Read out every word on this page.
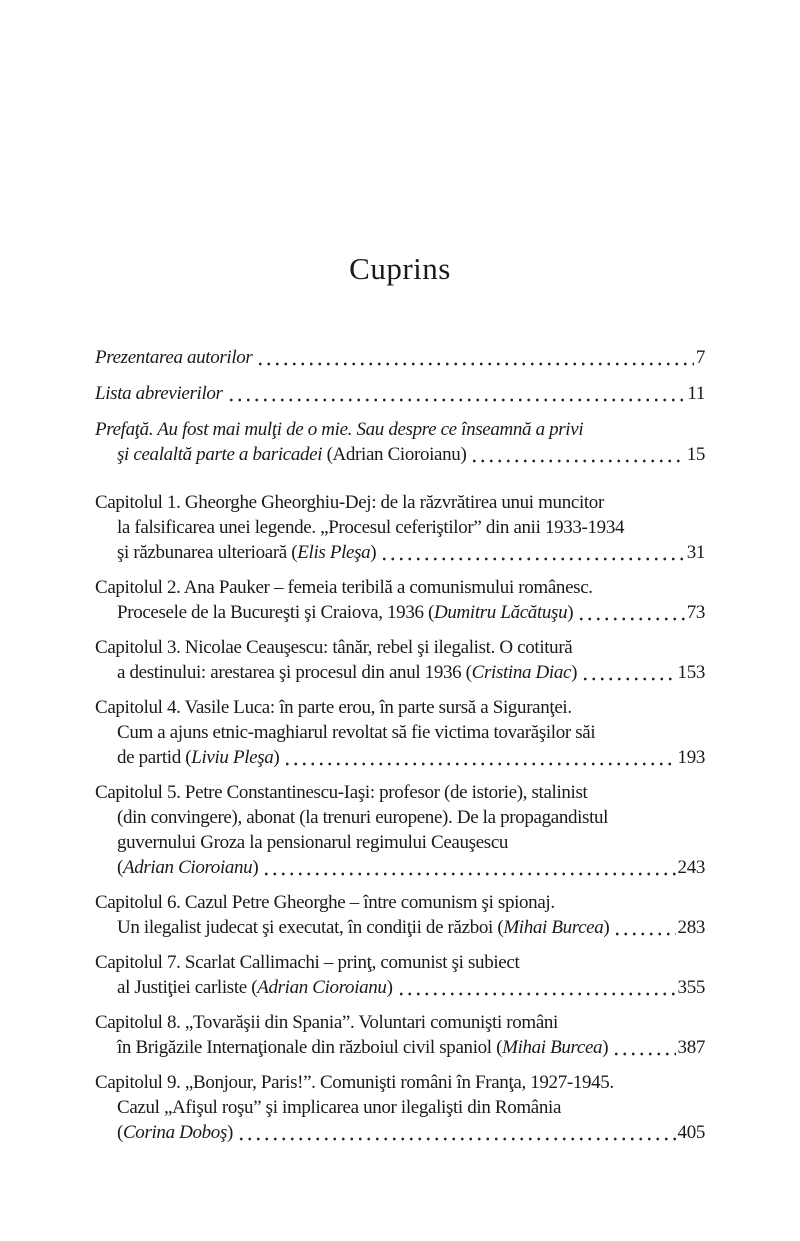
Cuprins
Prezentarea autorilor	7
Lista abrevierilor	11
Prefaţă. Au fost mai mulţi de o mie. Sau despre ce înseamnă a privi
şi cealaltă parte a baricadei (Adrian Cioroianu)	15
Capitolul 1. Gheorghe Gheorghiu-Dej: de la răzvrătirea unui muncitor
la falsificarea unei legende. „Procesul ceferiştilor” din anii 1933-1934
şi răzbunarea ulterioară (Elis Pleşa)	31
Capitolul 2. Ana Pauker – femeia teribilă a comunismului românesc.
Procesele de la Bucureşti şi Craiova, 1936 (Dumitru Lăcătuşu)	73
Capitolul 3. Nicolae Ceauşescu: tânăr, rebel şi ilegalist. O cotitură
a destinului: arestarea şi procesul din anul 1936 (Cristina Diac)	153
Capitolul 4. Vasile Luca: în parte erou, în parte sursă a Siguranţei.
Cum a ajuns etnic-maghiarul revoltat să fie victima tovarăşilor săi
de partid (Liviu Pleşa)	193
Capitolul 5. Petre Constantinescu-Iaşi: profesor (de istorie), stalinist
(din convingere), abonat (la trenuri europene). De la propagandistul
guvernului Groza la pensionarul regimului Ceauşescu
(Adrian Cioroianu)	243
Capitolul 6. Cazul Petre Gheorghe – între comunism şi spionaj.
Un ilegalist judecat şi executat, în condiţii de război (Mihai Burcea)	283
Capitolul 7. Scarlat Callimachi – prinţ, comunist şi subiect
al Justiţiei carliste (Adrian Cioroianu)	355
Capitolul 8. „Tovarăşii din Spania”. Voluntari comunişti români
în Brigăzile Internaţionale din războiul civil spaniol (Mihai Burcea)	387
Capitolul 9. „Bonjour, Paris!”. Comunişti români în Franţa, 1927-1945.
Cazul „Afişul roşu” şi implicarea unor ilegalişti din România
(Corina Doboş)	405
